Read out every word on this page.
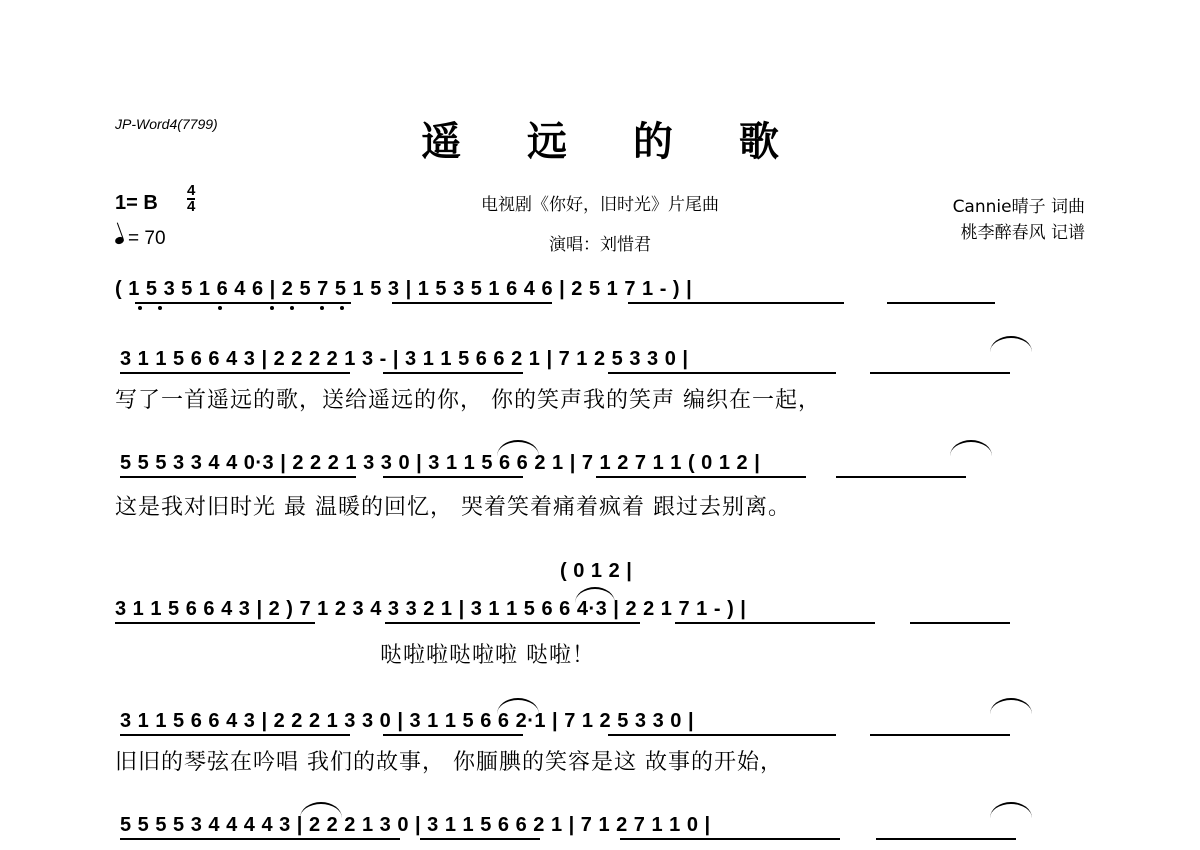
JP-Word4(7799)	遥 远 的 歌
1= B $\frac{4}{4}$
= 70
电视剧《你好，旧时光》片尾曲
演唱：刘惜君
Cannie晴子 词曲
桃李醉春风 记谱
( 1 5 3 5 1 6 4 6 | 2 5 7 5 1 5 3 | 1 5 3 5 1 6 4 6 | 2 5 1 7 1 - ) |
3 1 1 5 6 6 4 3 | 2 2 2 2 1 3 - | 3 1 1 5 6 6 2 1 | 7 1 2 5 3 3 0 |
写了一首遥远的歌，送给遥远的你， 你的笑声我的笑声 编织在一起，
5 5 5 3 3 4 4 0·3 | 2 2 2 1 3 3 0 | 3 1 1 5 6 6 2 1 | 7 1 2 7 1 1 ( 0 1 2 |
这是我对旧时光 最 温暖的回忆， 哭着笑着痛着疯着 跟过去别离。
( 0 1 2 |
3 1 1 5 6 6 4 3 | 2 ) 7 1 2 3 4 3 3 2 1 | 3 1 1 5 6 6 4·3 | 2 2 1 7 1 - ) |
哒啦啦哒啦啦 哒啦！
3 1 1 5 6 6 4 3 | 2 2 2 1 3 3 0 | 3 1 1 5 6 6 2·1 | 7 1 2 5 3 3 0 |
旧旧的琴弦在吟唱 我们的故事， 你腼腆的笑容是这 故事的开始，
5 5 5 5 3 4 4 4 4 3 | 2 2 2 1 3 0 | 3 1 1 5 6 6 2 1 | 7 1 2 7 1 1 0 |
